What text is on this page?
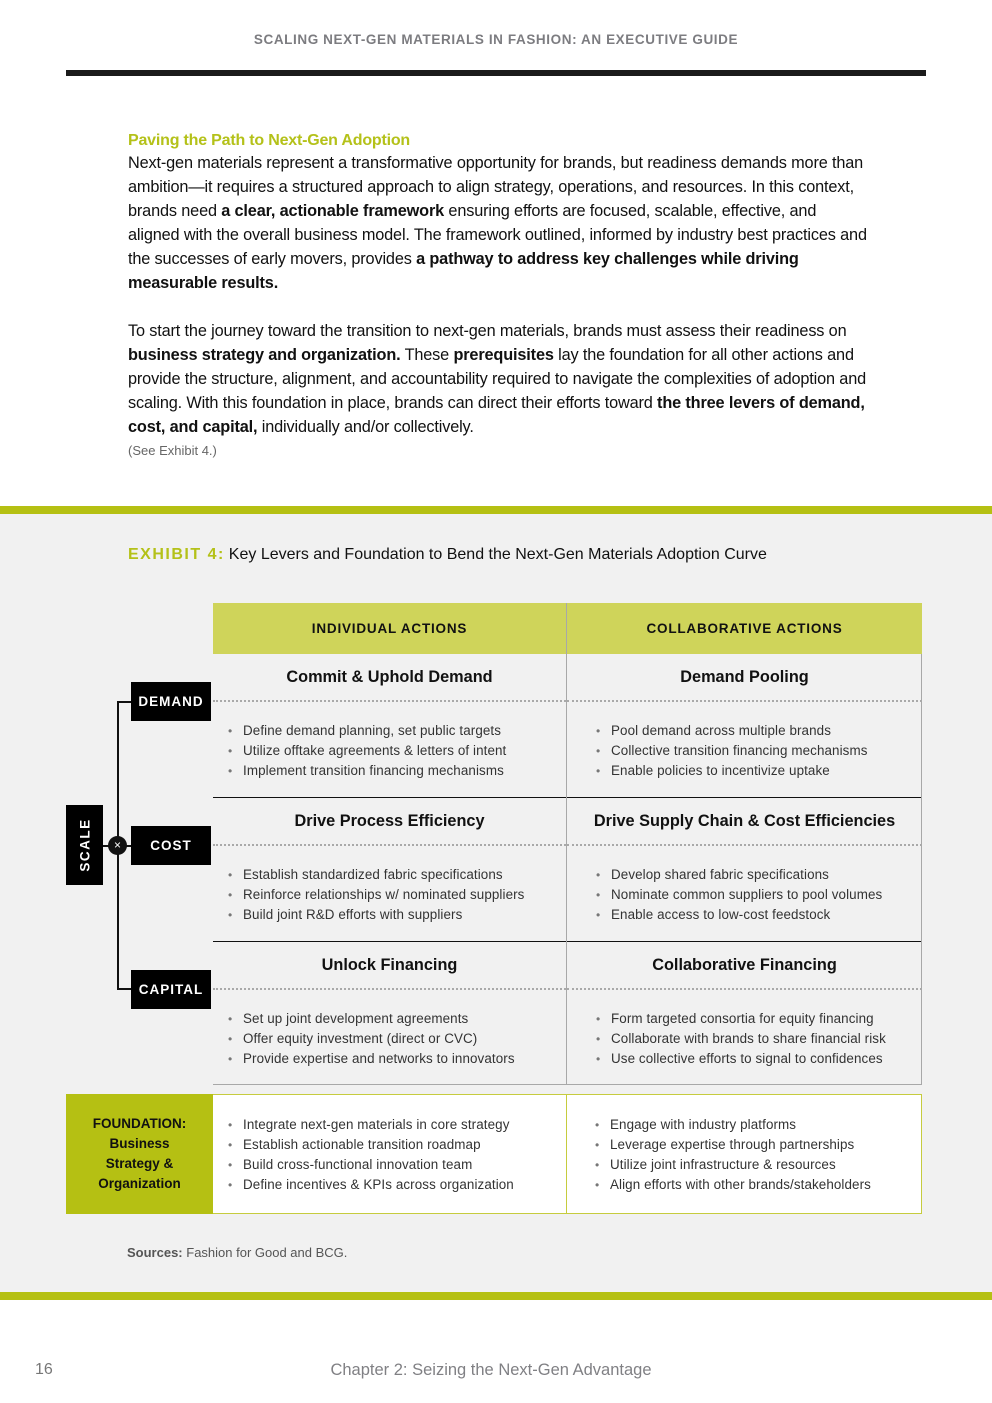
SCALING NEXT-GEN MATERIALS IN FASHION: AN EXECUTIVE GUIDE
Paving the Path to Next-Gen Adoption

Next-gen materials represent a transformative opportunity for brands, but readiness demands more than ambition—it requires a structured approach to align strategy, operations, and resources. In this context, brands need a clear, actionable framework ensuring efforts are focused, scalable, effective, and aligned with the overall business model. The framework outlined, informed by industry best practices and the successes of early movers, provides a pathway to address key challenges while driving measurable results.

To start the journey toward the transition to next-gen materials, brands must assess their readiness on business strategy and organization. These prerequisites lay the foundation for all other actions and provide the structure, alignment, and accountability required to navigate the complexities of adoption and scaling. With this foundation in place, brands can direct their efforts toward the three levers of demand, cost, and capital, individually and/or collectively.

(See Exhibit 4.)
EXHIBIT 4: Key Levers and Foundation to Bend the Next-Gen Materials Adoption Curve
INDIVIDUAL ACTIONS	COLLABORATIVE ACTIONS
Commit & Uphold Demand
• Define demand planning, set public targets
• Utilize offtake agreements & letters of intent
• Implement transition financing mechanisms
Demand Pooling
• Pool demand across multiple brands
• Collective transition financing mechanisms
• Enable policies to incentivize uptake
Drive Process Efficiency
• Establish standardized fabric specifications
• Reinforce relationships w/ nominated suppliers
• Build joint R&D efforts with suppliers
Drive Supply Chain & Cost Efficiencies
• Develop shared fabric specifications
• Nominate common suppliers to pool volumes
• Enable access to low-cost feedstock
Unlock Financing
• Set up joint development agreements
• Offer equity investment (direct or CVC)
• Provide expertise and networks to innovators
Collaborative Financing
• Form targeted consortia for equity financing
• Collaborate with brands to share financial risk
• Use collective efforts to signal to confidences
×
SCALE
DEMAND
COST
CAPITAL
FOUNDATION:
Business
Strategy &
Organization
• Integrate next-gen materials in core strategy
• Establish actionable transition roadmap
• Build cross-functional innovation team
• Define incentives & KPIs across organization
• Engage with industry platforms
• Leverage expertise through partnerships
• Utilize joint infrastructure & resources
• Align efforts with other brands/stakeholders
Sources: Fashion for Good and BCG.
16	Chapter 2: Seizing the Next-Gen Advantage
